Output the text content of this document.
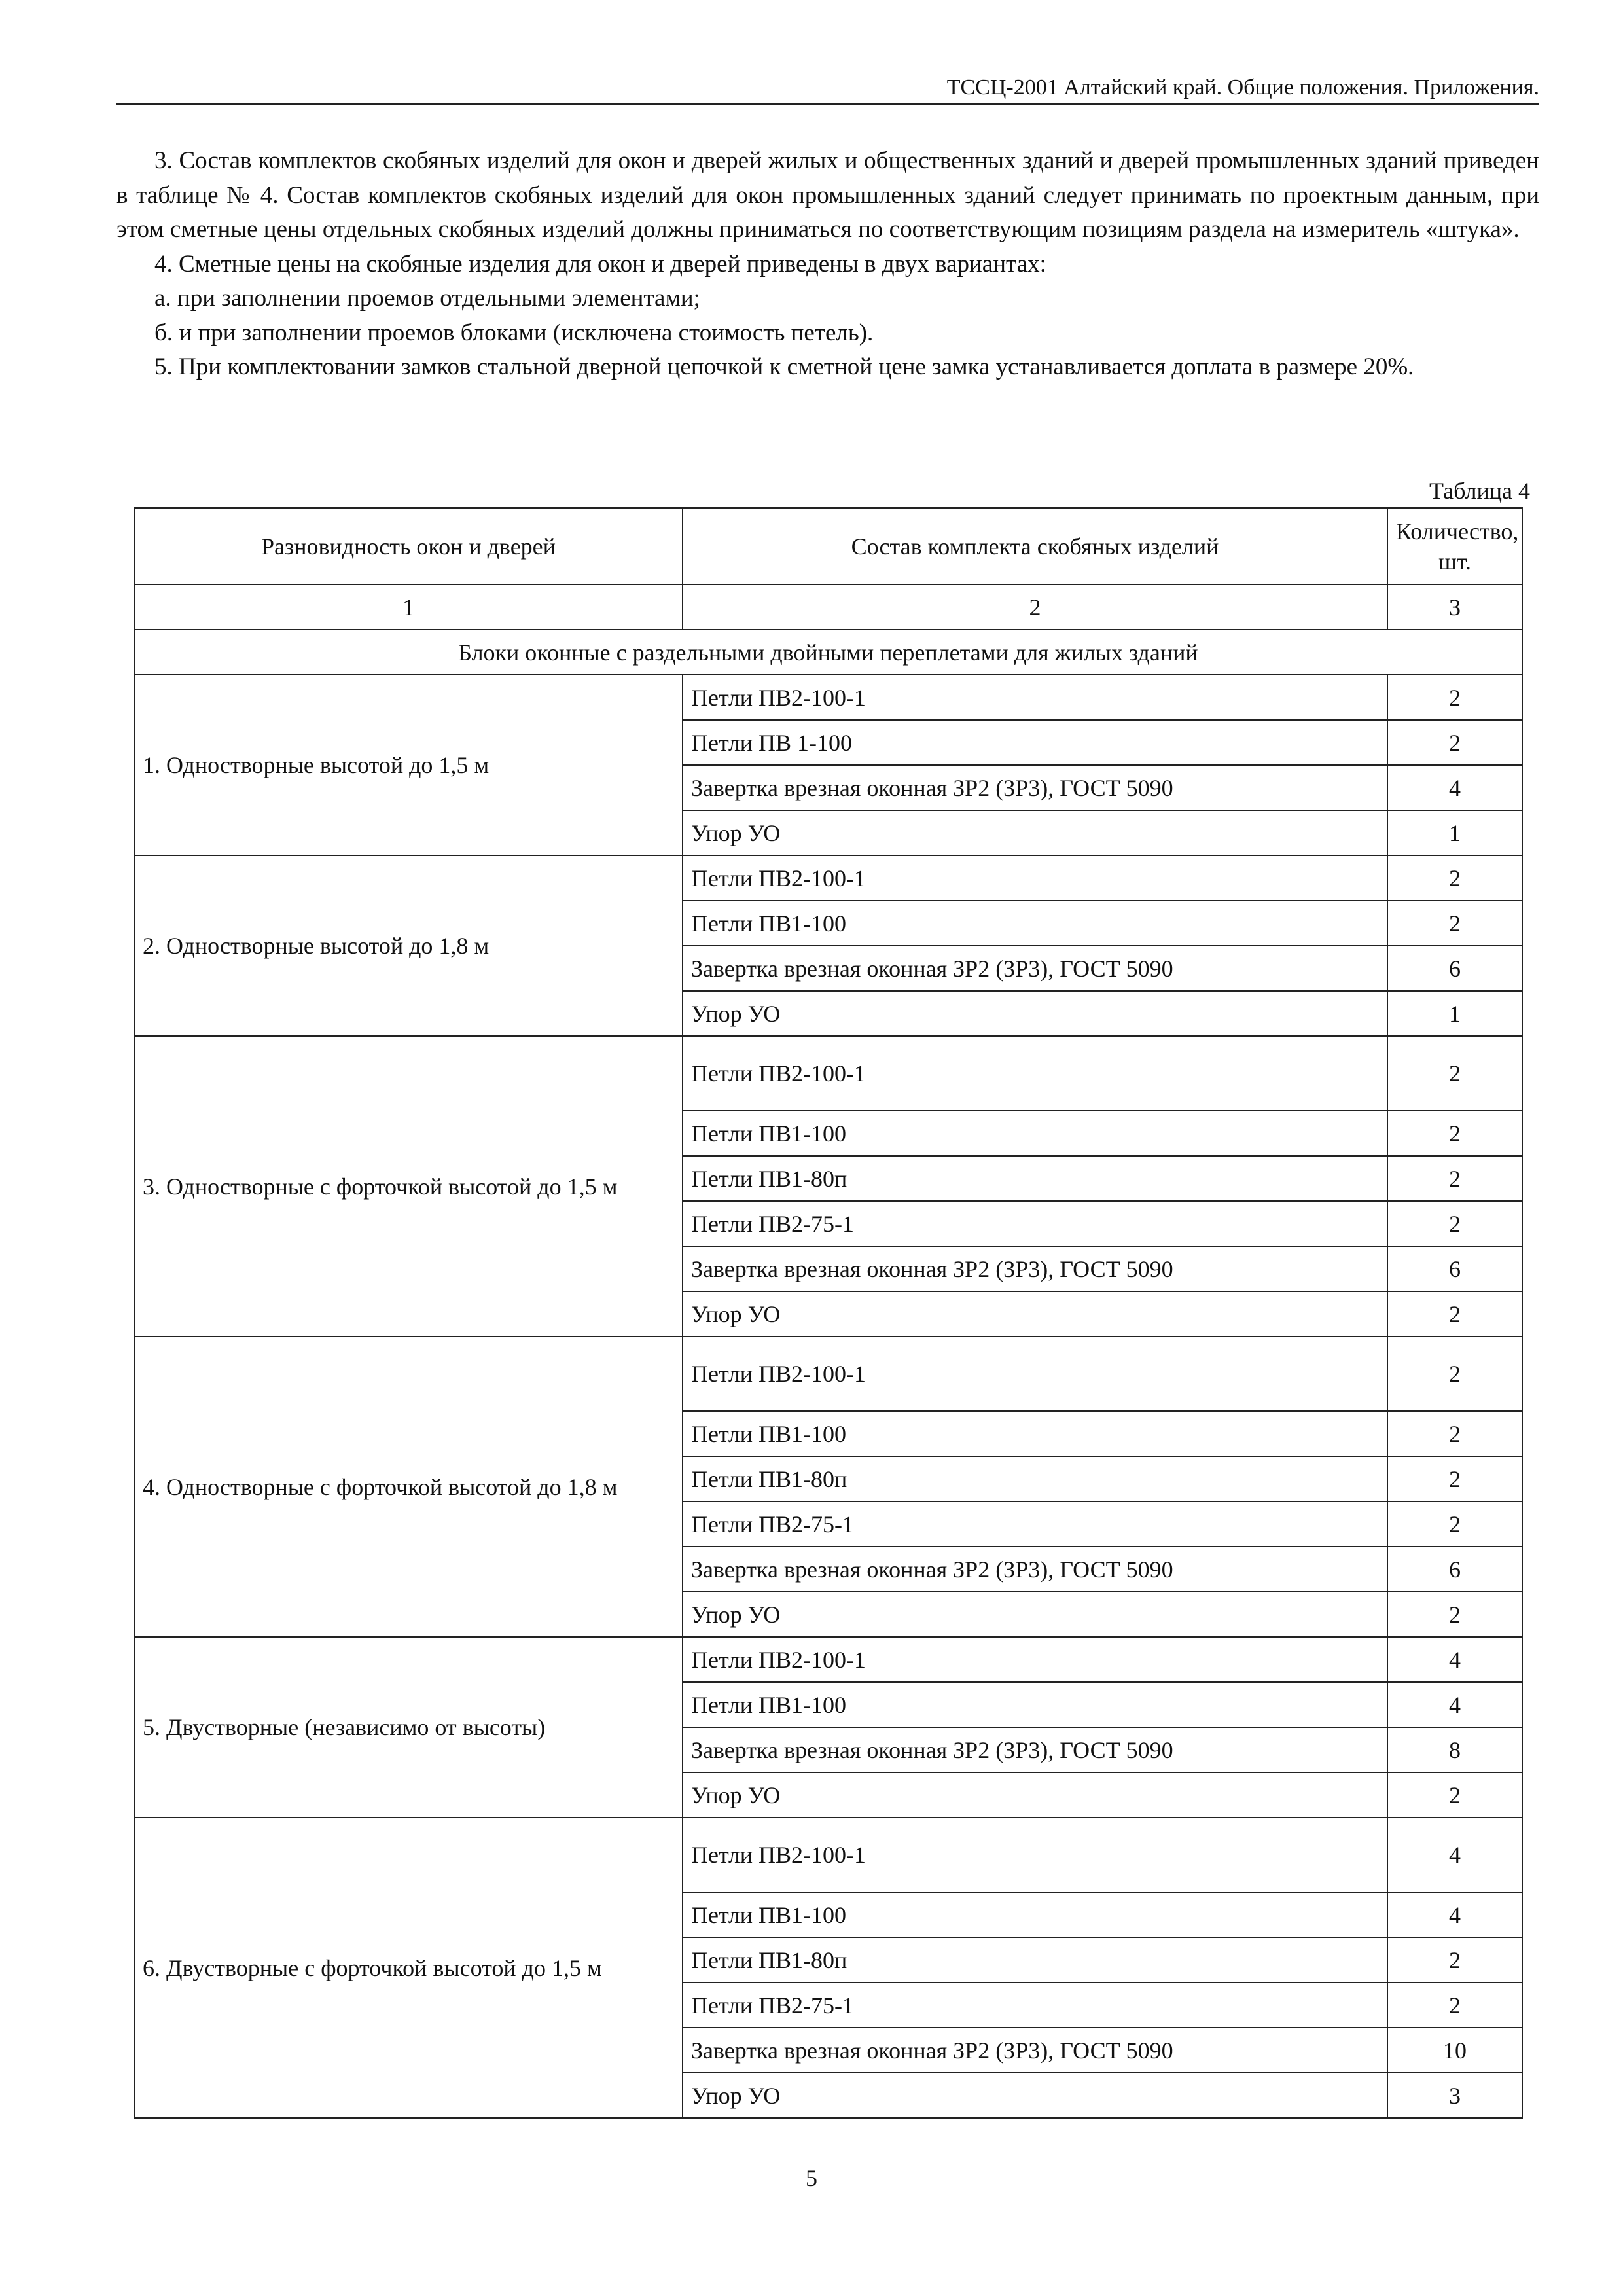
ТССЦ-2001 Алтайский край. Общие положения. Приложения.

3. Состав комплектов скобяных изделий для окон и дверей жилых и общественных зданий и дверей промышленных зданий приведен в таблице № 4. Состав комплектов скобяных изделий для окон промышленных зданий следует принимать по проектным данным, при этом сметные цены отдельных скобяных изделий должны приниматься по соответствующим позициям раздела на измеритель «штука».

4. Сметные цены на скобяные изделия для окон и дверей приведены в двух вариантах:

а. при заполнении проемов отдельными элементами;

б. и при заполнении проемов блоками (исключена стоимость петель).

5. При комплектовании замков стальной дверной цепочкой к сметной цене замка устанавливается доплата в размере 20%.

Таблица 4
Разновидность окон и дверей	Состав комплекта скобяных изделий	Количество, шт.
1	2	3
Блоки оконные с раздельными двойными переплетами для жилых зданий		
1. Одностворные высотой до 1,5 м	Петли ПВ2-100-1	2
	Петли ПВ 1-100	2
	Завертка врезная оконная ЗР2 (ЗР3), ГОСТ 5090	4
	Упор УО	1
2. Одностворные высотой до 1,8 м	Петли ПВ2-100-1	2
	Петли ПВ1-100	2
	Завертка врезная оконная ЗР2 (ЗР3), ГОСТ 5090	6
	Упор УО	1
3. Одностворные с форточкой высотой до 1,5 м	Петли ПВ2-100-1	2
	Петли ПВ1-100	2
	Петли ПВ1-80п	2
	Петли ПВ2-75-1	2
	Завертка врезная оконная ЗР2 (ЗР3), ГОСТ 5090	6
	Упор УО	2
4. Одностворные с форточкой высотой до 1,8 м	Петли ПВ2-100-1	2
	Петли ПВ1-100	2
	Петли ПВ1-80п	2
	Петли ПВ2-75-1	2
	Завертка врезная оконная ЗР2 (ЗР3), ГОСТ 5090	6
	Упор УО	2
5. Двустворные (независимо от высоты)	Петли ПВ2-100-1	4
	Петли ПВ1-100	4
	Завертка врезная оконная ЗР2 (ЗР3), ГОСТ 5090	8
	Упор УО	2
6. Двустворные с форточкой высотой до 1,5 м	Петли ПВ2-100-1	4
	Петли ПВ1-100	4
	Петли ПВ1-80п	2
	Петли ПВ2-75-1	2
	Завертка врезная оконная ЗР2 (ЗР3), ГОСТ 5090	10
	Упор УО	3
5
